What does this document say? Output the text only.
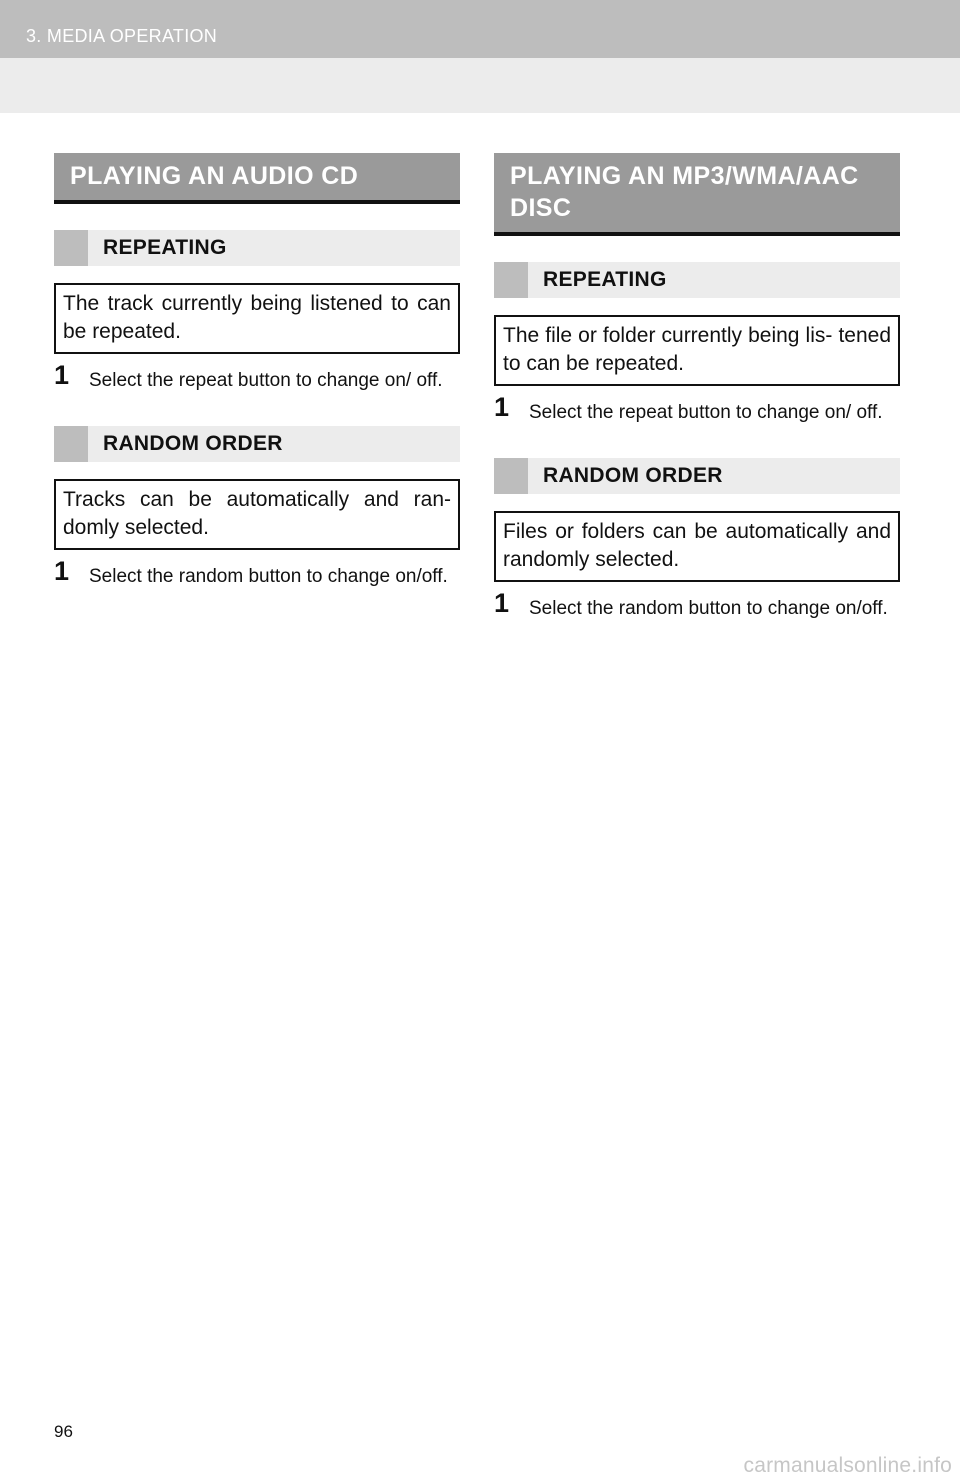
3. MEDIA OPERATION
PLAYING AN AUDIO CD
REPEATING
The track currently being listened to can be repeated.
1 Select the repeat button to change on/ off.
RANDOM ORDER
Tracks can be automatically and ran- domly selected.
1 Select the random button to change on/off.
PLAYING AN MP3/WMA/AAC DISC
REPEATING
The file or folder currently being lis- tened to can be repeated.
1 Select the repeat button to change on/ off.
RANDOM ORDER
Files or folders can be automatically and randomly selected.
1 Select the random button to change on/off.
96
carmanualsonline.info
